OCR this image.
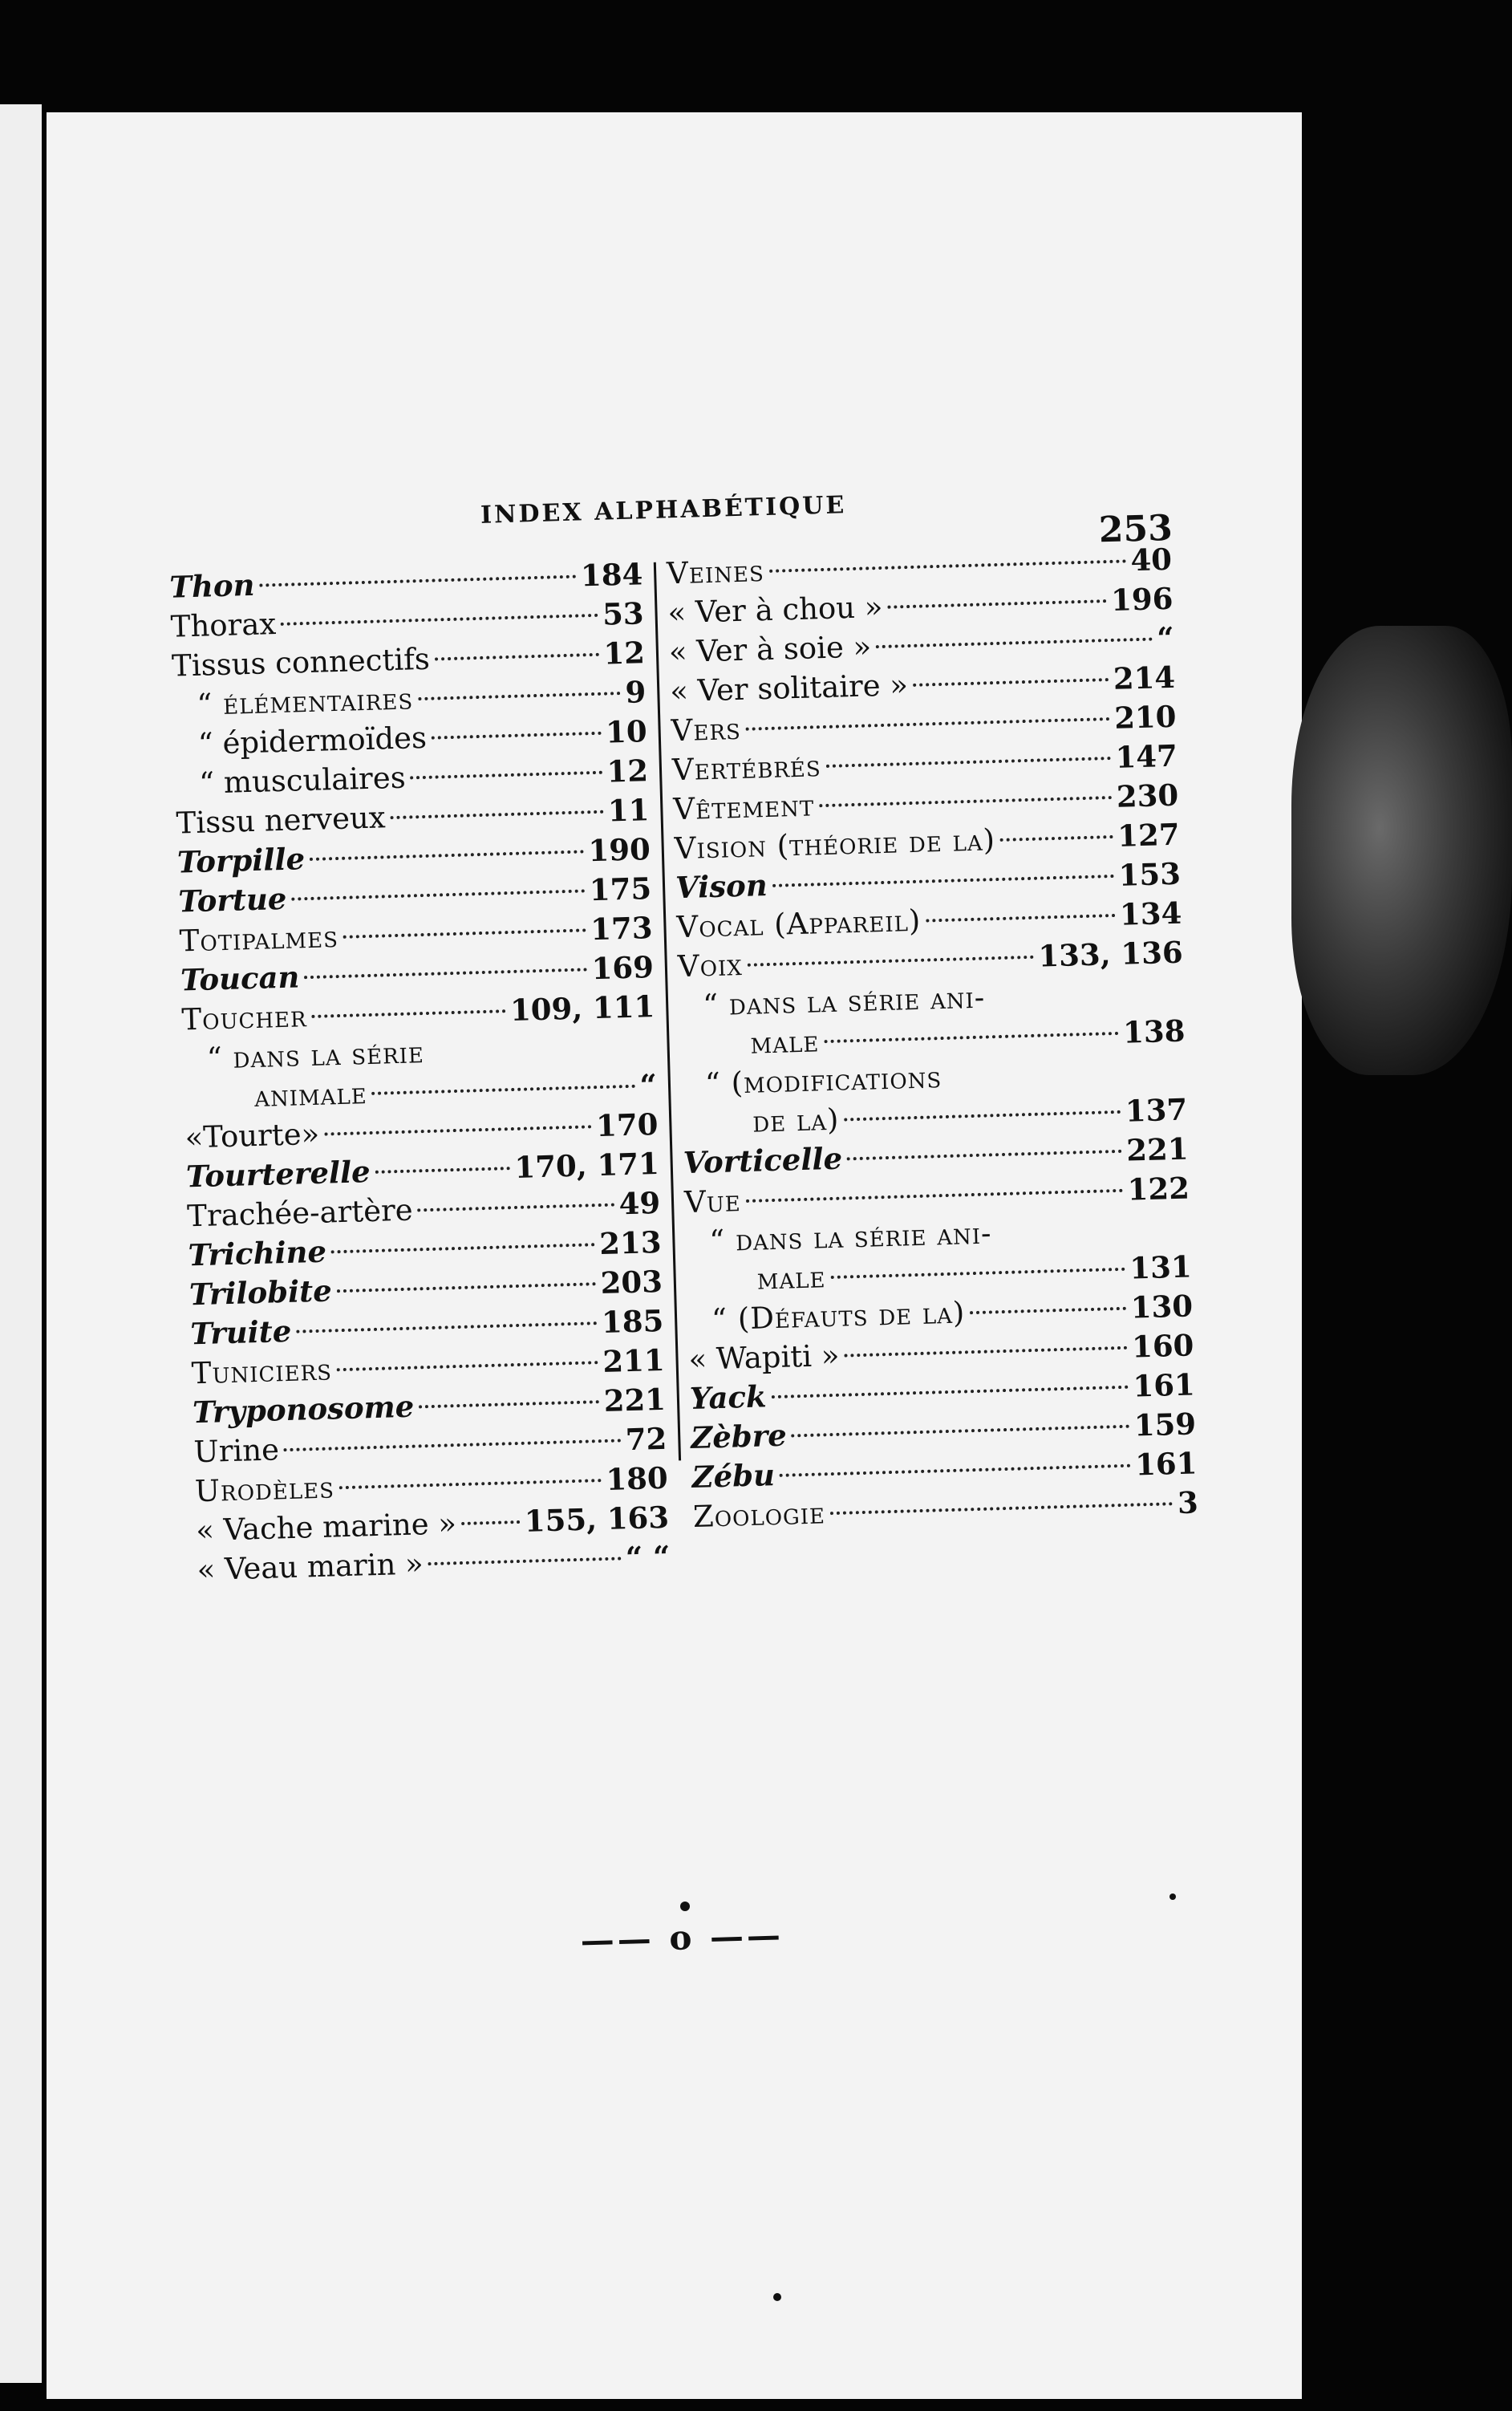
INDEX ALPHABÉTIQUE	253
Thon	184
Thorax	53
Tissus connectifs	12
“ élémentaires	9
“ épidermoïdes	10
“ musculaires	12
Tissu nerveux	11
Torpille	190
Tortue	175
Totipalmes	173
Toucan	169
Toucher	109, 111
“ dans la série
animale	“
«Tourte»	170
Tourterelle	170, 171
Trachée-artère	49
Trichine	213
Trilobite	203
Truite	185
Tuniciers	211
Tryponosome	221
Urine	72
Urodèles	180
« Vache marine » 155, 163
« Veau marin »	“ “
Veines	40
« Ver à chou »	196
« Ver à soie »	“
« Ver solitaire »	214
Vers	210
Vertébrés	147
Vêtement	230
Vision (théorie de la)	127
Vison	153
Vocal (Appareil)	134
Voix	133, 136
“ dans la série ani-
male	138
“ (modifications
de la)	137
Vorticelle	221
Vue	122
“ dans la série ani-
male	131
“ (Défauts de la)	130
« Wapiti »	160
Yack	161
Zèbre	159
Zébu	161
Zoologie	3
—— o ——
